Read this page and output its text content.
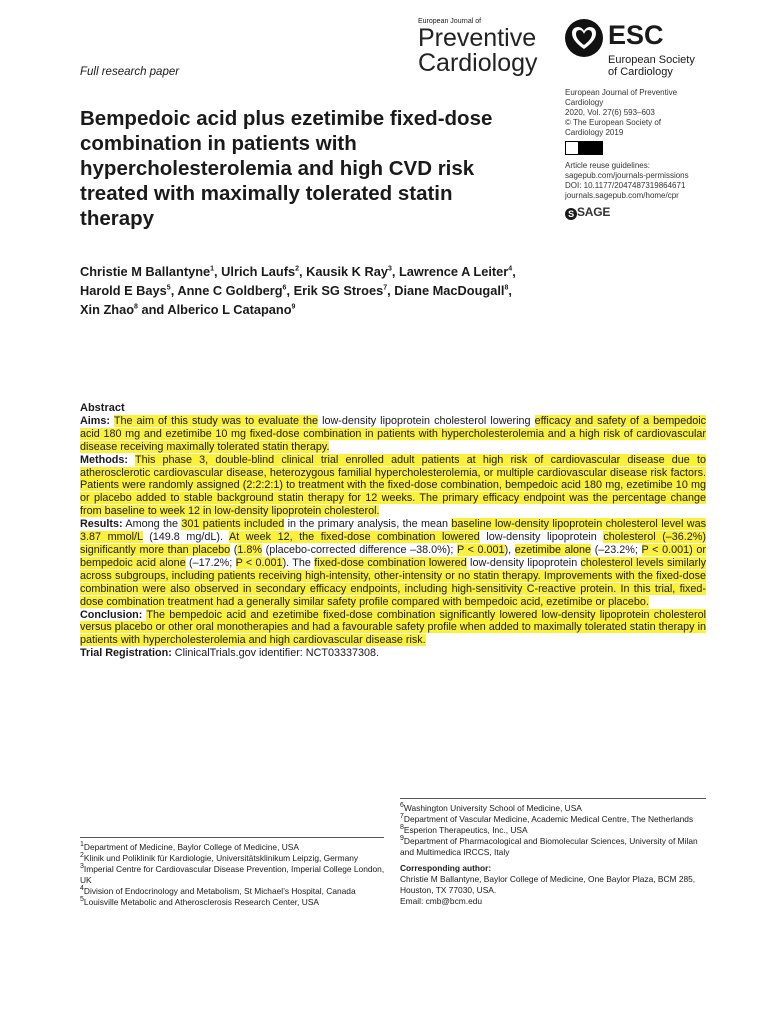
Full research paper
European Journal of
Preventive
Cardiology
ESC
European Society
of Cardiology
European Journal of Preventive
Cardiology
2020, Vol. 27(6) 593–603
© The European Society of
Cardiology 2019
Article reuse guidelines:
sagepub.com/journals-permissions
DOI: 10.1177/2047487319864671
journals.sagepub.com/home/cpr
S SAGE
Bempedoic acid plus ezetimibe fixed-dose combination in patients with hypercholesterolemia and high CVD risk treated with maximally tolerated statin therapy
Christie M Ballantyne$^1$, Ulrich Laufs$^2$, Kausik K Ray$^3$, Lawrence A Leiter$^4$, Harold E Bays$^5$, Anne C Goldberg$^6$, Erik SG Stroes$^7$, Diane MacDougall$^8$, Xin Zhao$^8$ and Alberico L Catapano$^9$

Abstract

Aims: The aim of this study was to evaluate the low-density lipoprotein cholesterol lowering efficacy and safety of a bempedoic acid 180 mg and ezetimibe 10 mg fixed-dose combination in patients with hypercholesterolemia and a high risk of cardiovascular disease receiving maximally tolerated statin therapy.

Methods: This phase 3, double-blind clinical trial enrolled adult patients at high risk of cardiovascular disease due to atherosclerotic cardiovascular disease, heterozygous familial hypercholesterolemia, or multiple cardiovascular disease risk factors. Patients were randomly assigned (2:2:2:1) to treatment with the fixed-dose combination, bempedoic acid 180 mg, ezetimibe 10 mg or placebo added to stable background statin therapy for 12 weeks. The primary efficacy endpoint was the percentage change from baseline to week 12 in low-density lipoprotein cholesterol.

Results: Among the 301 patients included in the primary analysis, the mean baseline low-density lipoprotein cholesterol level was 3.87 mmol/L (149.8 mg/dL). At week 12, the fixed-dose combination lowered low-density lipoprotein cholesterol (–36.2%) significantly more than placebo (1.8% (placebo-corrected difference –38.0%); P < 0.001), ezetimibe alone (–23.2%; P < 0.001) or bempedoic acid alone (–17.2%; P < 0.001). The fixed-dose combination lowered low-density lipoprotein cholesterol levels similarly across subgroups, including patients receiving high-intensity, other-intensity or no statin therapy. Improvements with the fixed-dose combination were also observed in secondary efficacy endpoints, including high-sensitivity C-reactive protein. In this trial, fixed-dose combination treatment had a generally similar safety profile compared with bempedoic acid, ezetimibe or placebo.

Conclusion: The bempedoic acid and ezetimibe fixed-dose combination significantly lowered low-density lipoprotein cholesterol versus placebo or other oral monotherapies and had a favourable safety profile when added to maximally tolerated statin therapy in patients with hypercholesterolemia and high cardiovascular disease risk.

Trial Registration: ClinicalTrials.gov identifier: NCT03337308.

$^1$Department of Medicine, Baylor College of Medicine, USA

$^2$Klinik und Poliklinik für Kardiologie, Universitätsklinikum Leipzig, Germany

$^3$Imperial Centre for Cardiovascular Disease Prevention, Imperial College London, UK

$^4$Division of Endocrinology and Metabolism, St Michael’s Hospital, Canada

$^5$Louisville Metabolic and Atherosclerosis Research Center, USA

$^6$Washington University School of Medicine, USA

$^7$Department of Vascular Medicine, Academic Medical Centre, The Netherlands

$^8$Esperion Therapeutics, Inc., USA

$^9$Department of Pharmacological and Biomolecular Sciences, University of Milan and Multimedica IRCCS, Italy

Corresponding author:
Christie M Ballantyne, Baylor College of Medicine, One Baylor Plaza, BCM 285, Houston, TX 77030, USA.
Email: cmb@bcm.edu
